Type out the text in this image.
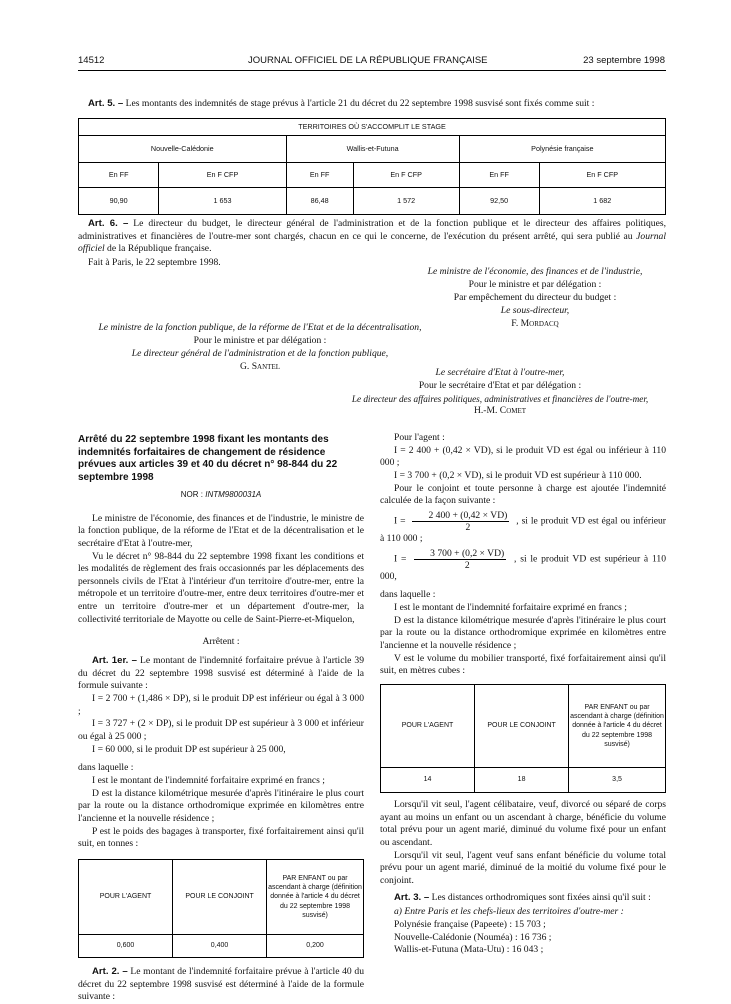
14512	JOURNAL OFFICIEL DE LA RÉPUBLIQUE FRANÇAISE	23 septembre 1998
Art. 5. – Les montants des indemnités de stage prévus à l'article 21 du décret du 22 septembre 1998 susvisé sont fixés comme suit :
TERRITOIRES OÙ S'ACCOMPLIT LE STAGE					
Nouvelle-Calédonie		Wallis-et-Futuna		Polynésie française	
En FF	En F CFP	En FF	En F CFP	En FF	En F CFP
90,90	1 653	86,48	1 572	92,50	1 682
Art. 6. – Le directeur du budget, le directeur général de l'administration et de la fonction publique et le directeur des affaires politiques, administratives et financières de l'outre-mer sont chargés, chacun en ce qui le concerne, de l'exécution du présent arrêté, qui sera publié au Journal officiel de la République française.
Fait à Paris, le 22 septembre 1998.

Le ministre de l'économie, des finances et de l'industrie,

Pour le ministre et par délégation :

Par empêchement du directeur du budget :

Le sous-directeur,

F. Mordacq

Le ministre de la fonction publique, de la réforme de l'Etat et de la décentralisation,

Pour le ministre et par délégation :

Le directeur général de l'administration et de la fonction publique,

G. Santel

Le secrétaire d'Etat à l'outre-mer,

Pour le secrétaire d'Etat et par délégation :

Le directeur des affaires politiques, administratives et financières de l'outre-mer,

H.-M. Comet

Arrêté du 22 septembre 1998 fixant les montants des indemnités forfaitaires de changement de résidence prévues aux articles 39 et 40 du décret n° 98-844 du 22 septembre 1998

NOR : INTM9800031A

Le ministre de l'économie, des finances et de l'industrie, le ministre de la fonction publique, de la réforme de l'Etat et de la décentralisation et le secrétaire d'Etat à l'outre-mer,

Vu le décret n° 98-844 du 22 septembre 1998 fixant les conditions et les modalités de règlement des frais occasionnés par les déplacements des personnels civils de l'Etat à l'intérieur d'un territoire d'outre-mer, entre la métropole et un territoire d'outre-mer, entre deux territoires d'outre-mer et entre un territoire d'outre-mer et un département d'outre-mer, la collectivité territoriale de Mayotte ou celle de Saint-Pierre-et-Miquelon,

Arrêtent :

Art. 1er. – Le montant de l'indemnité forfaitaire prévue à l'article 39 du décret du 22 septembre 1998 susvisé est déterminé à l'aide de la formule suivante :

I = 2 700 + (1,486 × DP), si le produit DP est inférieur ou égal à 3 000 ;

I = 3 727 + (2 × DP), si le produit DP est supérieur à 3 000 et inférieur ou égal à 25 000 ;

I = 60 000, si le produit DP est supérieur à 25 000,

dans laquelle :

I est le montant de l'indemnité forfaitaire exprimé en francs ;

D est la distance kilométrique mesurée d'après l'itinéraire le plus court par la route ou la distance orthodromique exprimée en kilomètres entre l'ancienne et la nouvelle résidence ;

P est le poids des bagages à transporter, fixé forfaitairement ainsi qu'il suit, en tonnes :

POUR L'AGENT	POUR LE CONJOINT	PAR ENFANT ou par ascendant à charge (définition donnée à l'article 4 du décret du 22 septembre 1998 susvisé)
0,600	0,400	0,200

Art. 2. – Le montant de l'indemnité forfaitaire prévue à l'article 40 du décret du 22 septembre 1998 susvisé est déterminé à l'aide de la formule suivante :

Pour l'agent :

I = 2 400 + (0,42 × VD), si le produit VD est égal ou inférieur à 110 000 ;

I = 3 700 + (0,2 × VD), si le produit VD est supérieur à 110 000.

Pour le conjoint et toute personne à charge est ajoutée l'indemnité calculée de la façon suivante :

$I = \frac{2 400 + (0,42 \times VD)}{2}$ , si le produit VD est égal ou inférieur à 110 000 ;

$I = \frac{3 700 + (0,2 \times VD)}{2}$ , si le produit VD est supérieur à 110 000,

dans laquelle :

I est le montant de l'indemnité forfaitaire exprimé en francs ;

D est la distance kilométrique mesurée d'après l'itinéraire le plus court par la route ou la distance orthodromique exprimée en kilomètres entre l'ancienne et la nouvelle résidence ;

V est le volume du mobilier transporté, fixé forfaitairement ainsi qu'il suit, en mètres cubes :

POUR L'AGENT	POUR LE CONJOINT	PAR ENFANT ou par ascendant à charge (définition donnée à l'article 4 du décret du 22 septembre 1998 susvisé)
14	18	3,5

Lorsqu'il vit seul, l'agent célibataire, veuf, divorcé ou séparé de corps ayant au moins un enfant ou un ascendant à charge, bénéficie du volume total prévu pour un agent marié, diminué du volume fixé pour un enfant ou ascendant.

Lorsqu'il vit seul, l'agent veuf sans enfant bénéficie du volume total prévu pour un agent marié, diminué de la moitié du volume fixé pour le conjoint.

Art. 3. – Les distances orthodromiques sont fixées ainsi qu'il suit :

a) Entre Paris et les chefs-lieux des territoires d'outre-mer :

Polynésie française (Papeete) : 15 703 ;

Nouvelle-Calédonie (Nouméa) : 16 736 ;

Wallis-et-Futuna (Mata-Utu) : 16 043 ;
